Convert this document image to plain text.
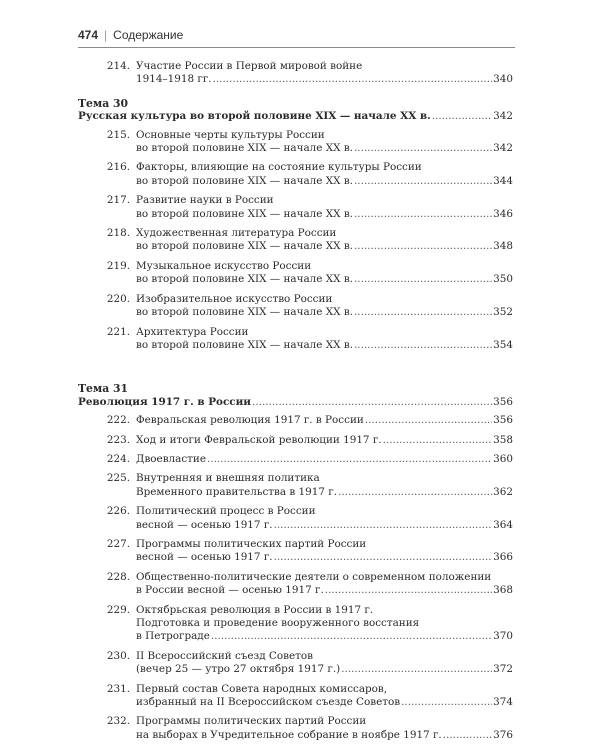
474 | Содержание
214. Участие России в Первой мировой войне
1914–1918 гг. .....	340
Тема 30
Русская культура во второй половине XIX — начале XX в. .....	342
215. Основные черты культуры России
во второй половине XIX — начале XX в. .....	342
216. Факторы, влияющие на состояние культуры России
во второй половине XIX — начале XX в. .....	344
217. Развитие науки в России
во второй половине XIX — начале XX в. .....	346
218. Художественная литература России
во второй половине XIX — начале XX в. .....	348
219. Музыкальное искусство России
во второй половине XIX — начале XX в. .....	350
220. Изобразительное искусство России
во второй половине XIX — начале XX в. .....	352
221. Архитектура России
во второй половине XIX — начале XX в. .....	354
Тема 31
Революция 1917 г. в России .....	356
222. Февральская революция 1917 г. в России .....	356
223. Ход и итоги Февральской революции 1917 г. .....	358
224. Двоевластие .....	360
225. Внутренняя и внешняя политика
Временного правительства в 1917 г. .....	362
226. Политический процесс в России
весной — осенью 1917 г. .....	364
227. Программы политических партий России
весной — осенью 1917 г. .....	366
228. Общественно-политические деятели о современном положении
в России весной — осенью 1917 г. .....	368
229. Октябрьская революция в России в 1917 г.
Подготовка и проведение вооруженного восстания
в Петрограде .....	370
230. II Всероссийский съезд Советов
(вечер 25 — утро 27 октября 1917 г.) .....	372
231. Первый состав Совета народных комиссаров,
избранный на II Всероссийском съезде Советов .....	374
232. Программы политических партий России
на выборах в Учредительное собрание в ноябре 1917 г. .....	376
